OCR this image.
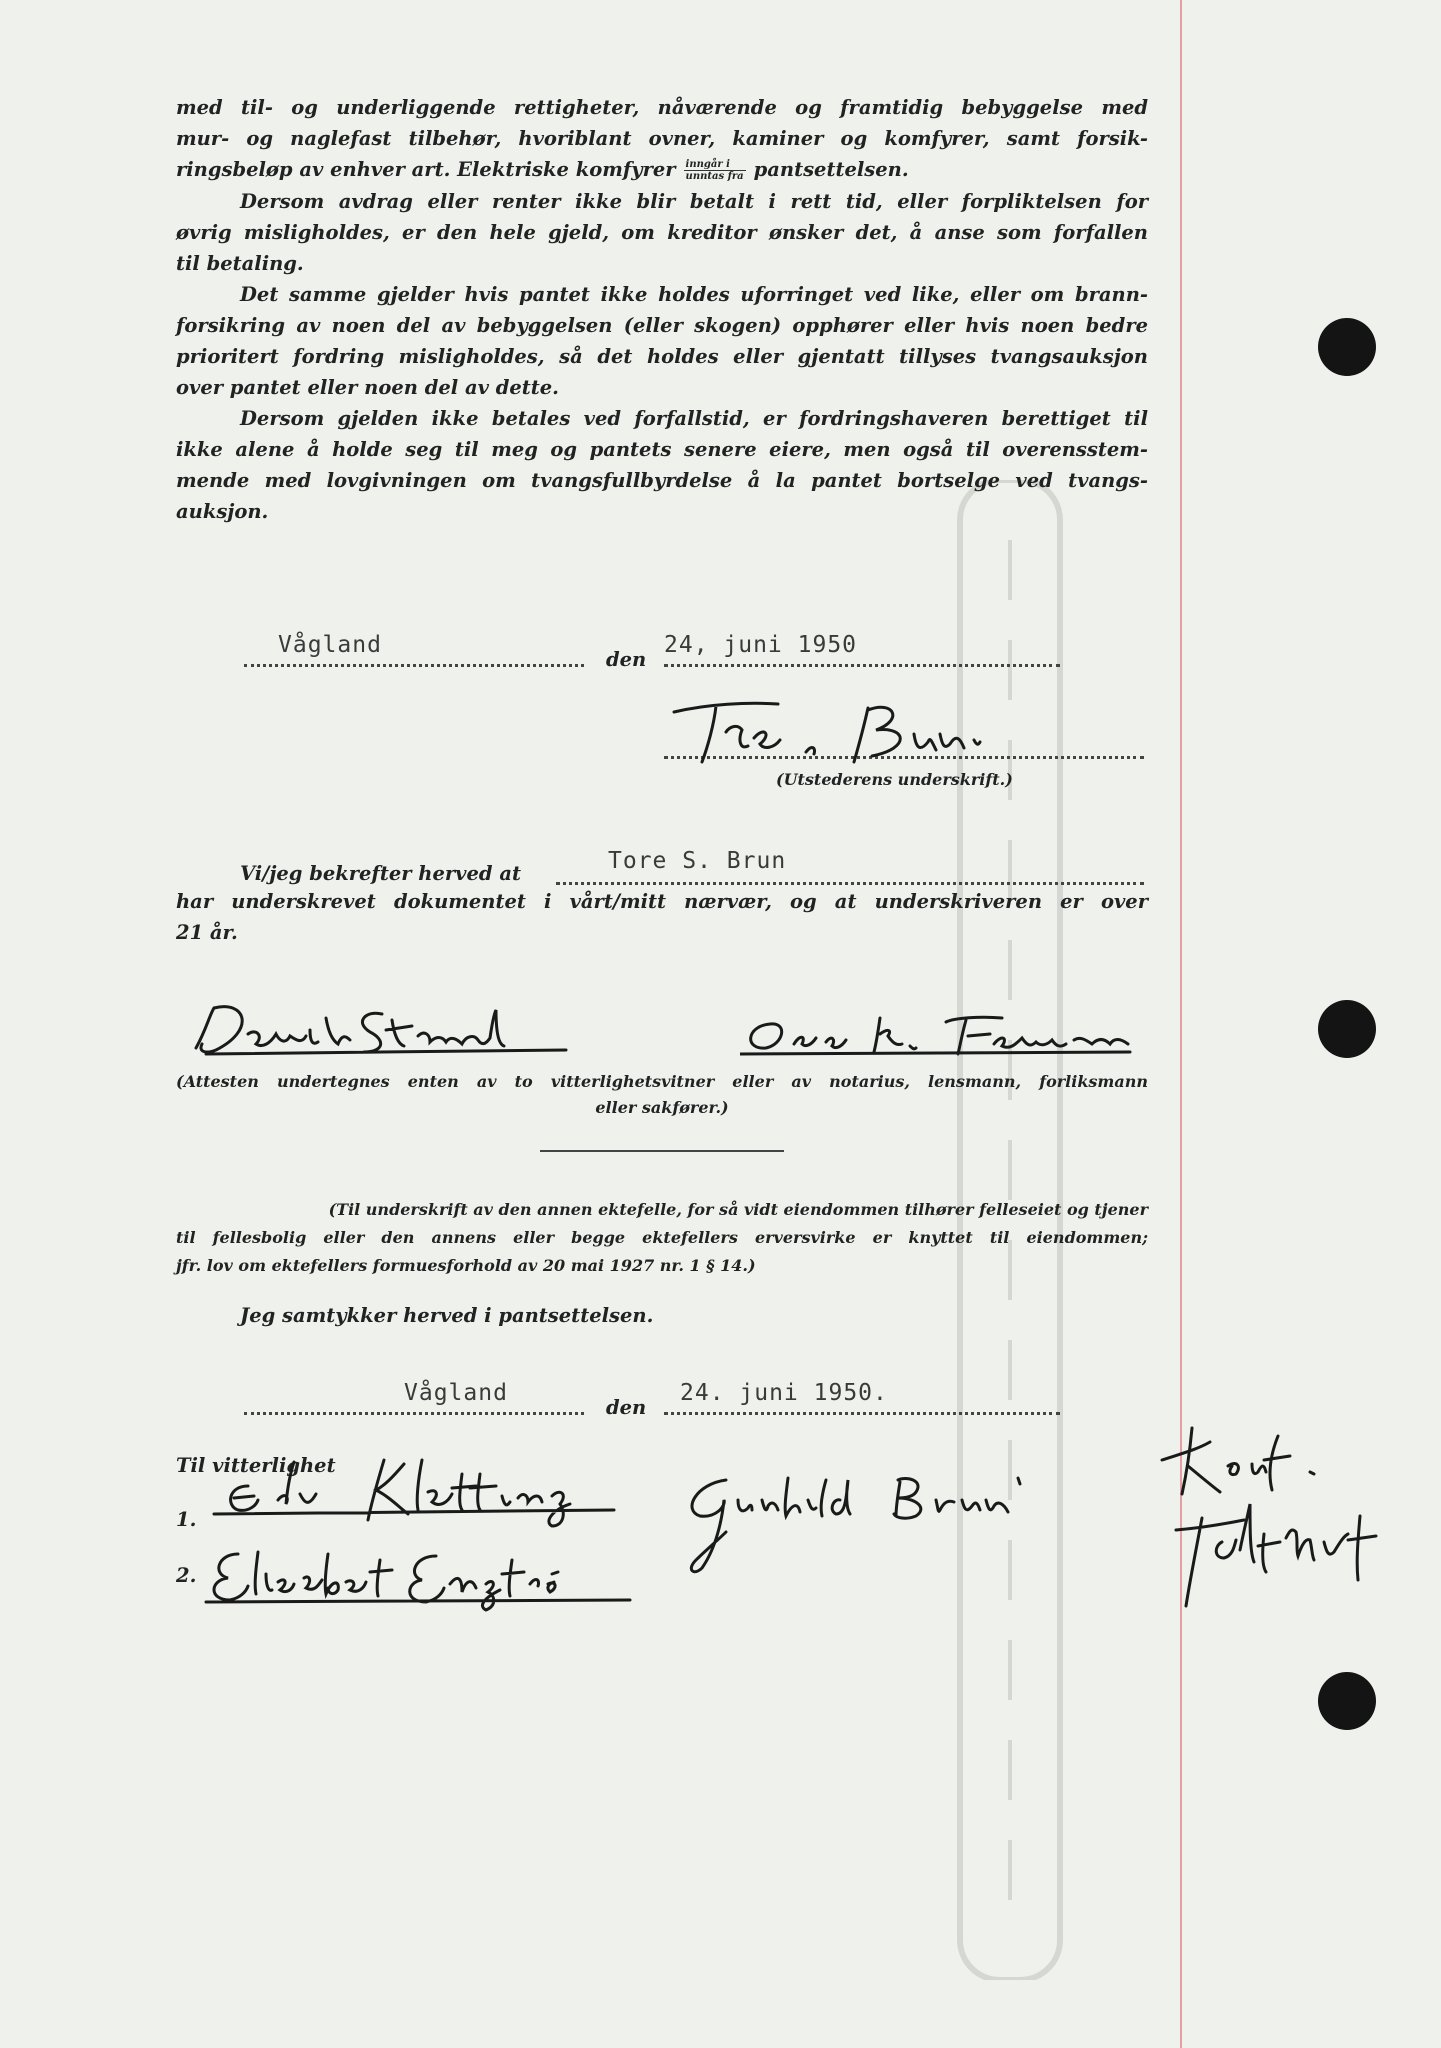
med til- og underliggende rettigheter, nåværende og framtidig bebyggelse med
mur- og naglefast tilbehør, hvoriblant ovner, kaminer og komfyrer, samt forsik-
ringsbeløp av enhver art. Elektriske komfyrer $\frac{\text{inngår i}}{\text{unntas fra}}$ pantsettelsen.
Dersom avdrag eller renter ikke blir betalt i rett tid, eller forpliktelsen for
øvrig misligholdes, er den hele gjeld, om kreditor ønsker det, å anse som forfallen
til betaling.
Det samme gjelder hvis pantet ikke holdes uforringet ved like, eller om brann-
forsikring av noen del av bebyggelsen (eller skogen) opphører eller hvis noen bedre
prioritert fordring misligholdes, så det holdes eller gjentatt tillyses tvangsauksjon
over pantet eller noen del av dette.
Dersom gjelden ikke betales ved forfallstid, er fordringshaveren berettiget til
ikke alene å holde seg til meg og pantets senere eiere, men også til overensstem-
mende med lovgivningen om tvangsfullbyrdelse å la pantet bortselge ved tvangs-
auksjon.
Vågland
den
24, juni 1950
(Utstederens underskrift.)
Vi/jeg bekrefter herved at	Tore S. Brun
har underskrevet dokumentet i vårt/mitt nærvær, og at underskriveren er over
21 år.
(Attesten undertegnes enten av to vitterlighetsvitner eller av notarius, lensmann, forliksmann
eller sakfører.)
(Til underskrift av den annen ektefelle, for så vidt eiendommen tilhører felleseiet og tjener
til fellesbolig eller den annens eller begge ektefellers erversvirke er knyttet til eiendommen;
jfr. lov om ektefellers formuesforhold av 20 mai 1927 nr. 1 § 14.)
Jeg samtykker herved i pantsettelsen.
Vågland
den
24. juni 1950.
Til vitterlighet
1.
2.
